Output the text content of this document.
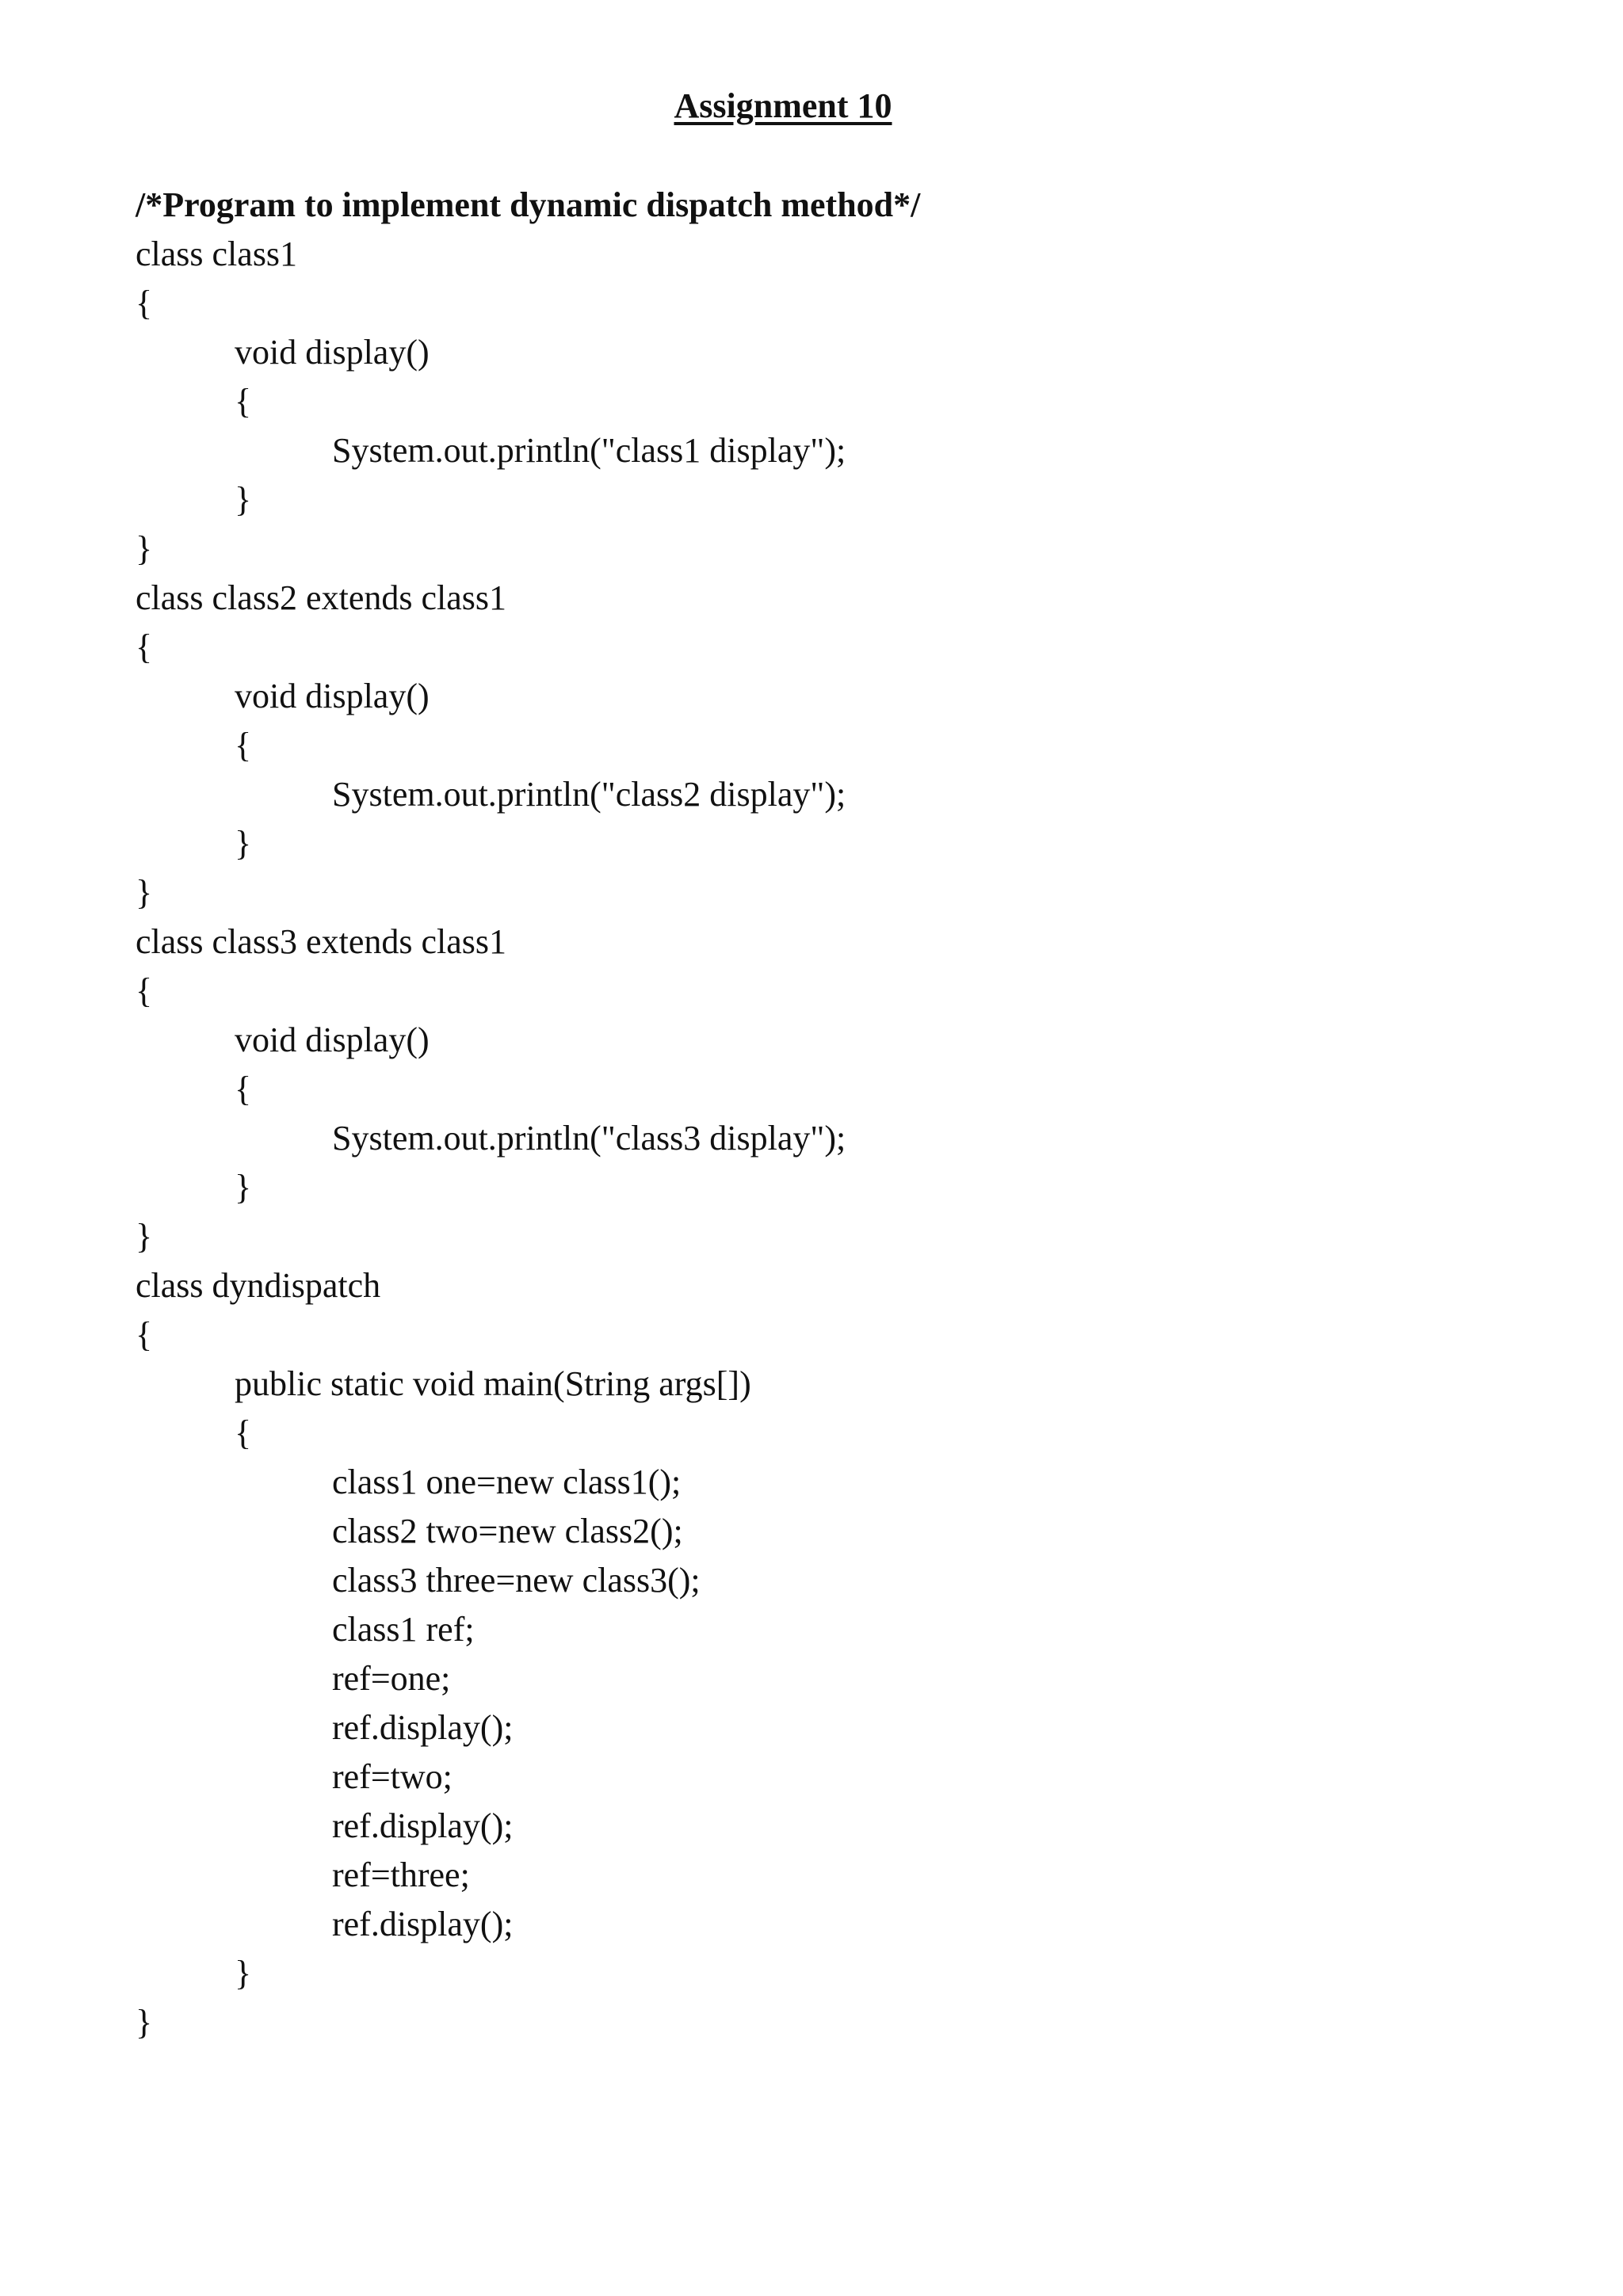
Assignment 10
/*Program to implement dynamic dispatch method*/
class class1
{
void display()
{
System.out.println("class1 display");
}
}
class class2 extends class1
{
void display()
{
System.out.println("class2 display");
}
}
class class3 extends class1
{
void display()
{
System.out.println("class3 display");
}
}
class dyndispatch
{
public static void main(String args[])
{
class1 one=new class1();
class2 two=new class2();
class3 three=new class3();
class1 ref;
ref=one;
ref.display();
ref=two;
ref.display();
ref=three;
ref.display();
}
}
